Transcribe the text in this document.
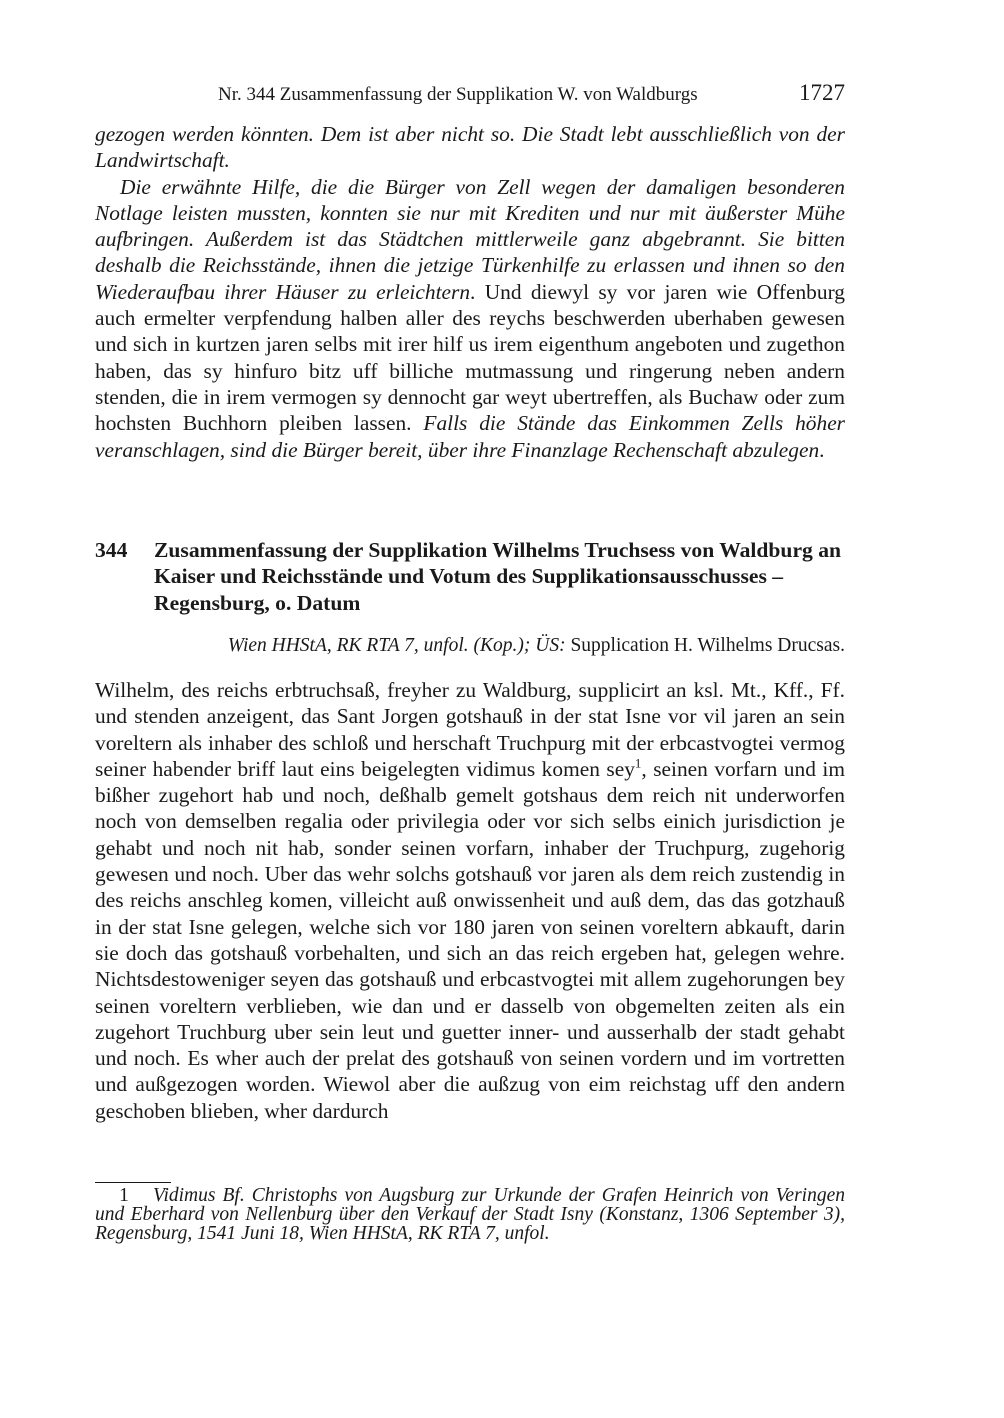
Nr. 344 Zusammenfassung der Supplikation W. von Waldburgs	1727

gezogen werden könnten. Dem ist aber nicht so. Die Stadt lebt ausschließlich von der Landwirtschaft.

Die erwähnte Hilfe, die die Bürger von Zell wegen der damaligen besonderen Notlage leisten mussten, konnten sie nur mit Krediten und nur mit äußerster Mühe aufbringen. Außerdem ist das Städtchen mittlerweile ganz abgebrannt. Sie bitten deshalb die Reichsstände, ihnen die jetzige Türkenhilfe zu erlassen und ihnen so den Wiederaufbau ihrer Häuser zu erleichtern. Und diewyl sy vor jaren wie Offenburg auch ermelter verpfendung halben aller des reychs beschwerden uberhaben gewesen und sich in kurtzen jaren selbs mit irer hilf us irem eigenthum angeboten und zugethon haben, das sy hinfuro bitz uff billiche mutmassung und ringerung neben andern stenden, die in irem vermogen sy dennocht gar weyt ubertreffen, als Buchaw oder zum hochsten Buchhorn pleiben lassen. Falls die Stände das Einkommen Zells höher veranschlagen, sind die Bürger bereit, über ihre Finanzlage Rechenschaft abzulegen.

344 Zusammenfassung der Supplikation Wilhelms Truchsess von Waldburg an Kaiser und Reichsstände und Votum des Supplikationsausschusses – Regensburg, o. Datum
Wien HHStA, RK RTA 7, unfol. (Kop.); ÜS: Supplication H. Wilhelms Drucsas.

Wilhelm, des reichs erbtruchsaß, freyher zu Waldburg, supplicirt an ksl. Mt., Kff., Ff. und stenden anzeigent, das Sant Jorgen gotshauß in der stat Isne vor vil jaren an sein voreltern als inhaber des schloß und herschaft Truchpurg mit der erbcastvogtei vermog seiner habender briff laut eins beigelegten vidimus komen sey$^1$, seinen vorfarn und im bißher zugehort hab und noch, deßhalb gemelt gotshaus dem reich nit underworfen noch von demselben regalia oder privilegia oder vor sich selbs einich jurisdiction je gehabt und noch nit hab, sonder seinen vorfarn, inhaber der Truchpurg, zugehorig gewesen und noch. Uber das wehr solchs gotshauß vor jaren als dem reich zustendig in des reichs anschleg komen, villeicht auß onwissenheit und auß dem, das das gotzhauß in der stat Isne gelegen, welche sich vor 180 jaren von seinen voreltern abkauft, darin sie doch das gotshauß vorbehalten, und sich an das reich ergeben hat, gelegen wehre. Nichtsdestoweniger seyen das gotshauß und erbcastvogtei mit allem zugehorungen bey seinen voreltern verblieben, wie dan und er dasselb von obgemelten zeiten als ein zugehort Truchburg uber sein leut und guetter inner- und ausserhalb der stadt gehabt und noch. Es wher auch der prelat des gotshauß von seinen vordern und im vortretten und außgezogen worden. Wiewol aber die außzug von eim reichstag uff den andern geschoben blieben, wher dardurch

1 Vidimus Bf. Christophs von Augsburg zur Urkunde der Grafen Heinrich von Veringen und Eberhard von Nellenburg über den Verkauf der Stadt Isny (Konstanz, 1306 September 3), Regensburg, 1541 Juni 18, Wien HHStA, RK RTA 7, unfol.
